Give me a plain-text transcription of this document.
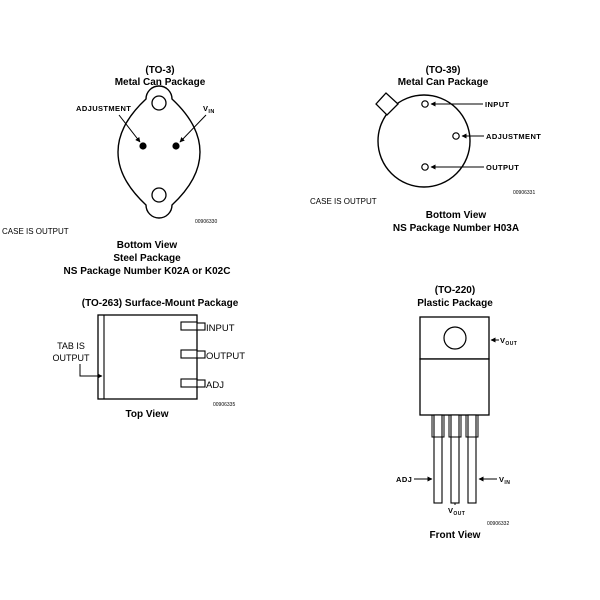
(TO-3)
Metal Can Package
ADJUSTMENT	$V_{IN}$
00906330
CASE IS OUTPUT
Bottom View
Steel Package
NS Package Number K02A or K02C
(TO-39)
Metal Can Package
INPUT
ADJUSTMENT
OUTPUT
00906331
CASE IS OUTPUT
Bottom View
NS Package Number H03A
(TO-263) Surface-Mount Package
INPUT
OUTPUT
ADJ
TAB IS
OUTPUT
Top View
00906335
(TO-220)
Plastic Package
$V_{OUT}$
ADJ
$V_{OUT}$
$V_{IN}$
00906332
Front View
